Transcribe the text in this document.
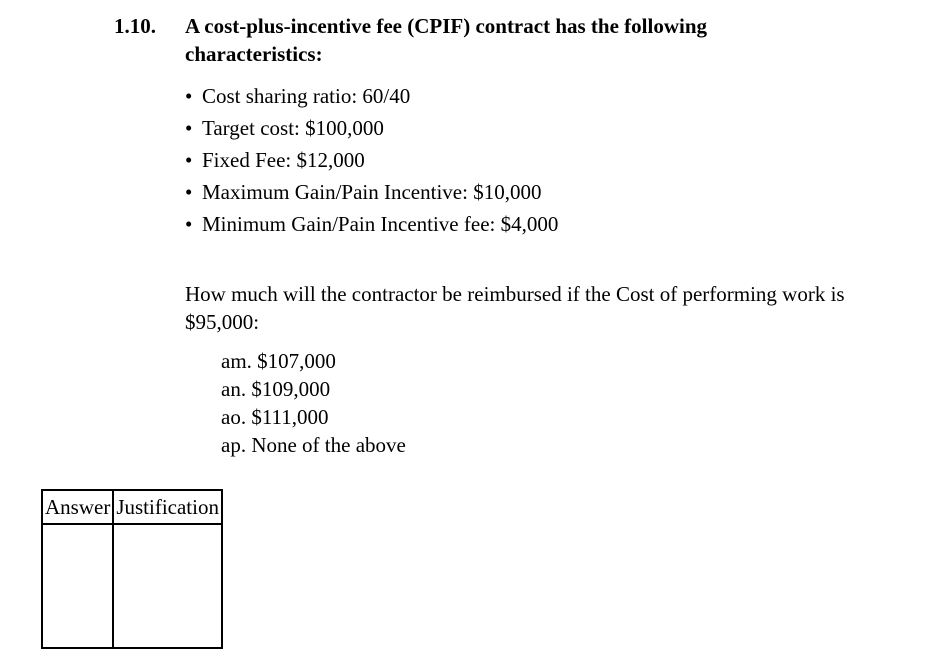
1.10. A cost-plus-incentive fee (CPIF) contract has the following
characteristics:
• Cost sharing ratio: 60/40
• Target cost: $100,000
• Fixed Fee: $12,000
• Maximum Gain/Pain Incentive: $10,000
• Minimum Gain/Pain Incentive fee: $4,000
How much will the contractor be reimbursed if the Cost of performing work is $95,000:
am. $107,000
an. $109,000
ao. $111,000
ap. None of the above
Answer	Justification
